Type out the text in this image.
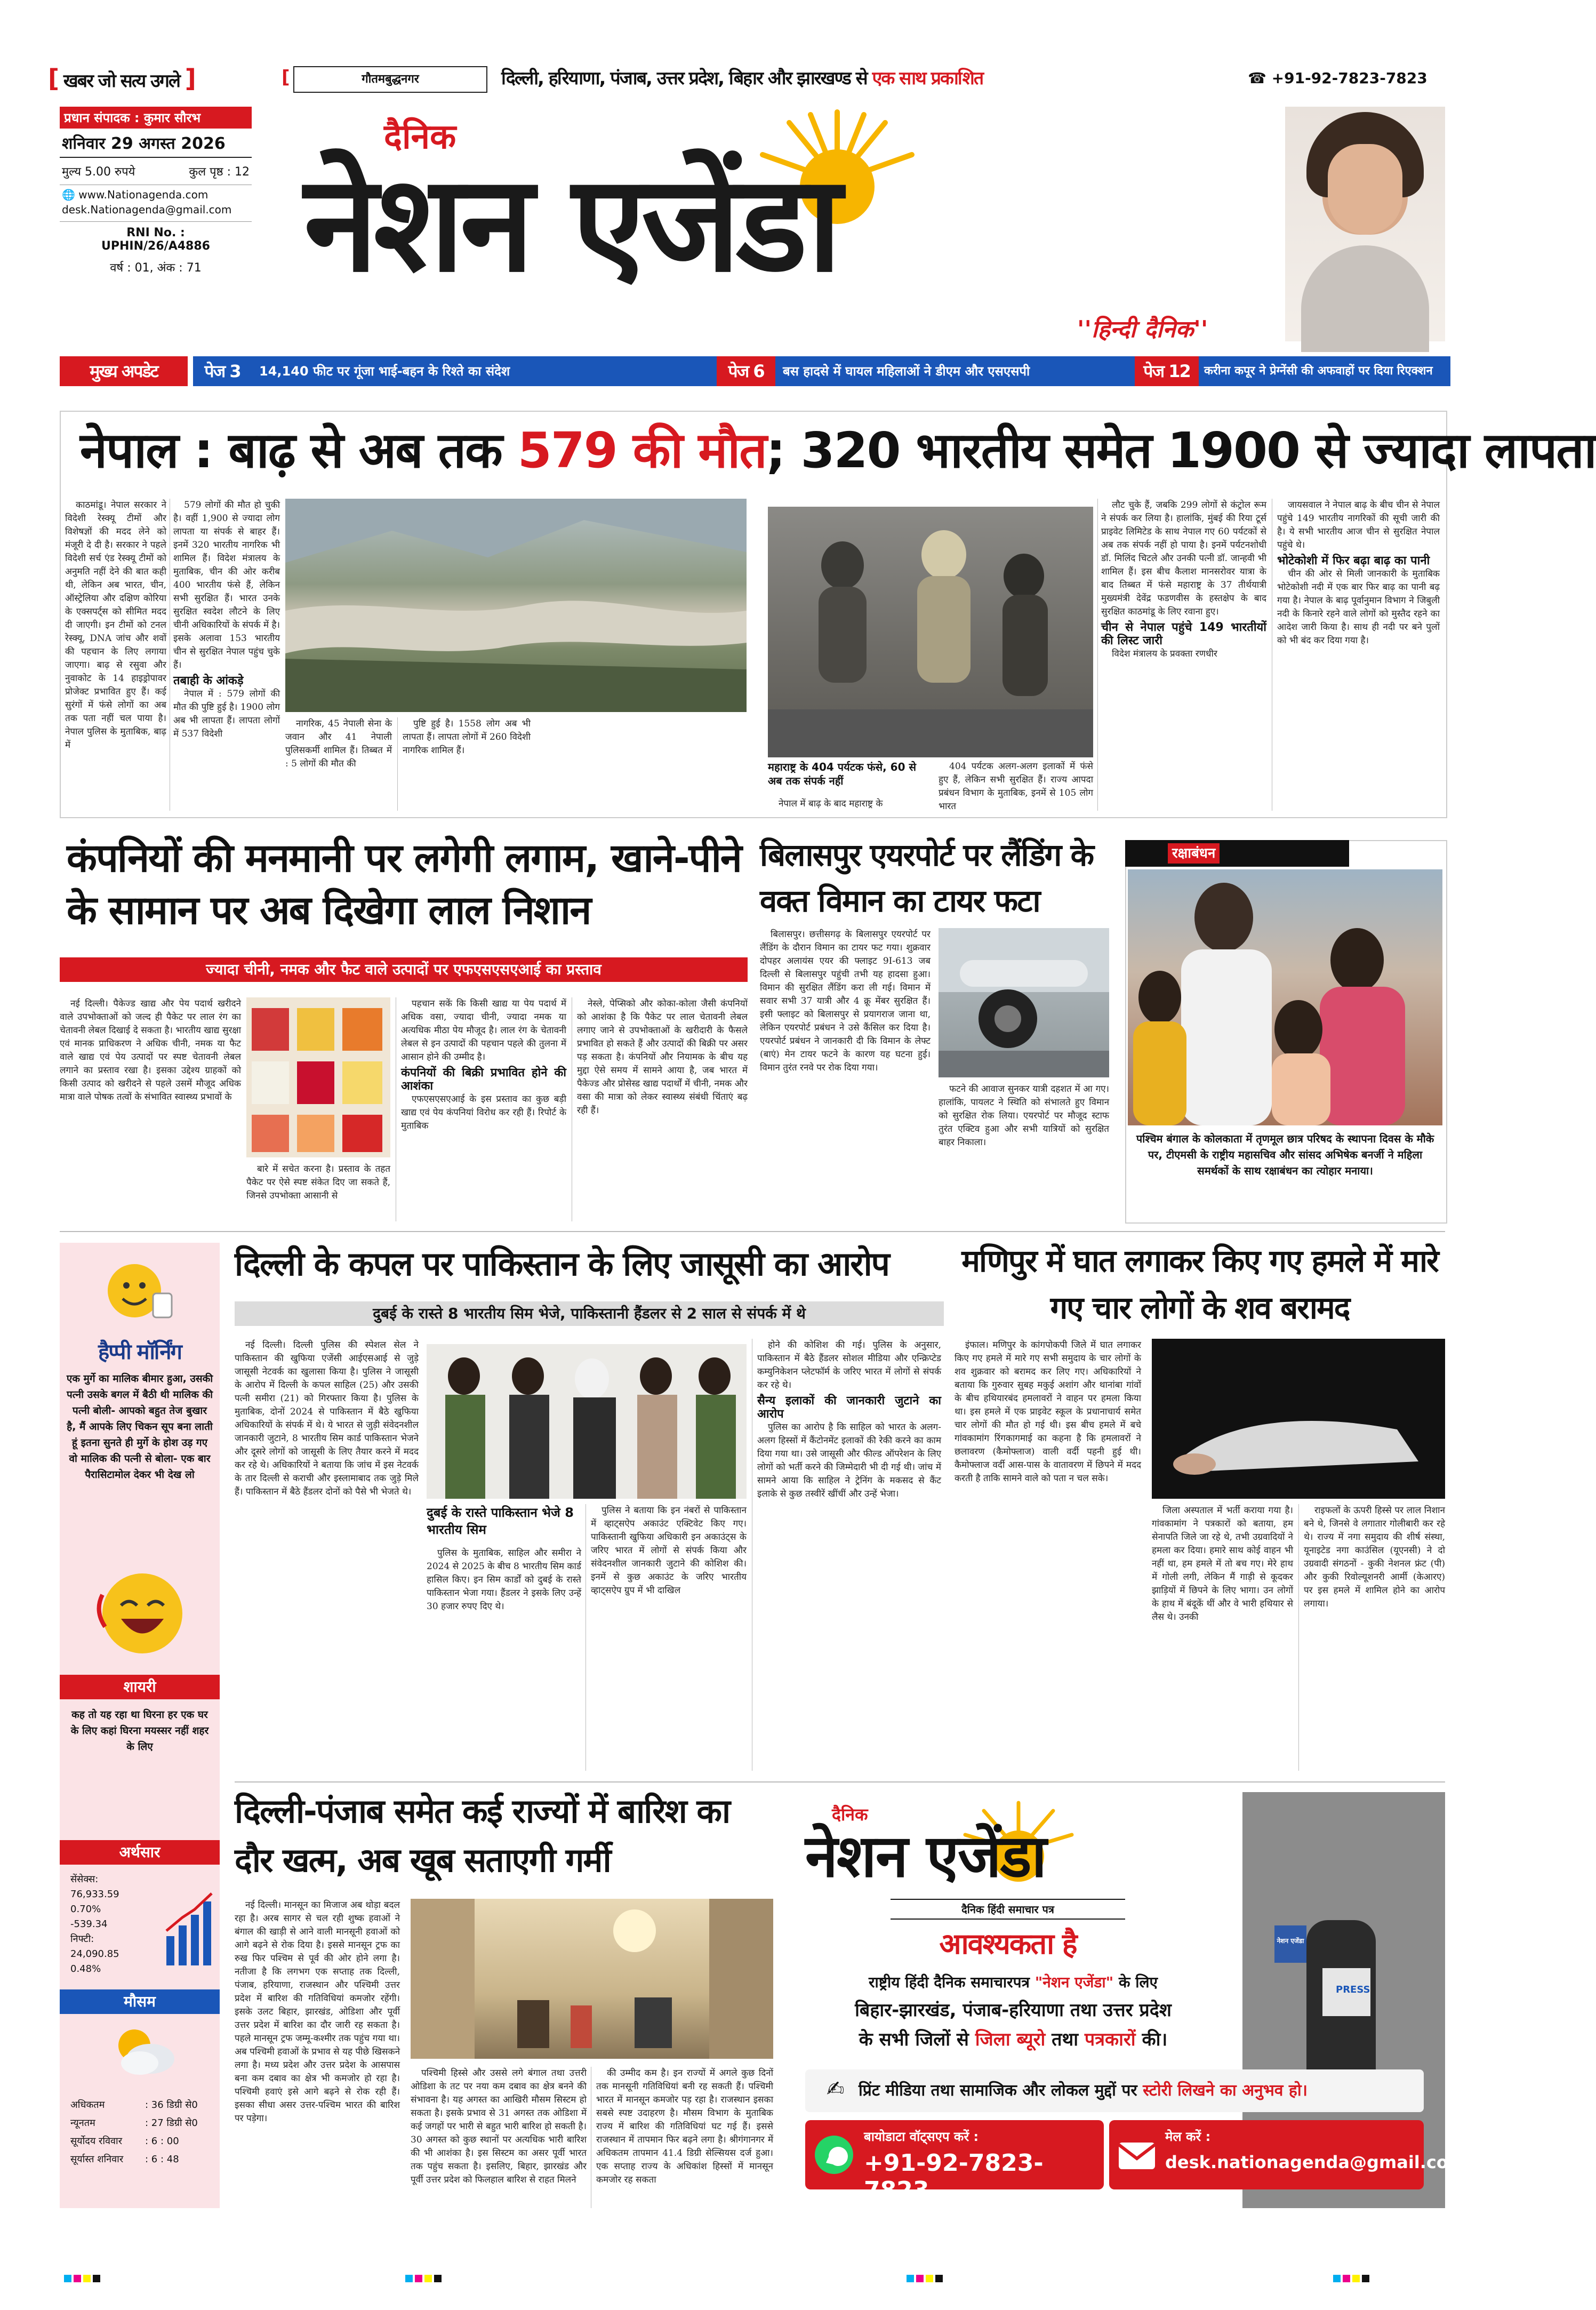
[ खबर जो सत्य उगले ]	[	गौतमबुद्धनगर	दिल्ली, हरियाणा, पंजाब, उत्तर प्रदेश, बिहार और झारखण्ड से एक साथ प्रकाशित	☎ +91-92-7823-7823
प्रधान संपादक : कुमार सौरभ
शनिवार 29 अगस्त 2026
मुल्य 5.00 रुपये	कुल पृष्ठ : 12
🌐 www.Nationagenda.com
desk.Nationagenda@gmail.com
RNI No. :
UPHIN/26/A4886
वर्ष : 01, अंक : 71
दैनिक
नेशन एजेंडा
''हिन्दी दैनिक''
मुख्य अपडेट	पेज 3	14,140 फीट पर गूंजा भाई-बहन के रिश्ते का संदेश	पेज 6	बस हादसे में घायल महिलाओं ने डीएम और एसएसपी	पेज 12	करीना कपूर ने प्रेग्नेंसी की अफवाहों पर दिया रिएक्शन
नेपाल : बाढ़ से अब तक 579 की मौत; 320 भारतीय समेत 1900 से ज्यादा लापता

काठमांडू। नेपाल सरकार ने विदेशी रेस्क्यू टीमों और विशेषज्ञों की मदद लेने को मंजूरी दे दी है। सरकार ने पहले विदेशी सर्च एंड रेस्क्यू टीमों को अनुमति नहीं देने की बात कही थी, लेकिन अब भारत, चीन, ऑस्ट्रेलिया और दक्षिण कोरिया के एक्सपर्ट्स को सीमित मदद दी जाएगी। इन टीमों को टनल रेस्क्यू, DNA जांच और शवों की पहचान के लिए लगाया जाएगा। बाढ़ से रसुवा और नुवाकोट के 14 हाइड्रोपावर प्रोजेक्ट प्रभावित हुए हैं। कई सुरंगों में फंसे लोगों का अब तक पता नहीं चल पाया है। नेपाल पुलिस के मुताबिक, बाढ़ में

579 लोगों की मौत हो चुकी है। वहीं 1,900 से ज्यादा लोग लापता या संपर्क से बाहर हैं। इनमें 320 भारतीय नागरिक भी शामिल हैं। विदेश मंत्रालय के मुताबिक, चीन की ओर करीब 400 भारतीय फंसे हैं, लेकिन सभी सुरक्षित हैं। भारत उनके सुरक्षित स्वदेश लौटने के लिए चीनी अधिकारियों के संपर्क में है। इसके अलावा 153 भारतीय चीन से सुरक्षित नेपाल पहुंच चुके हैं।

तबाही के आंकड़े

नेपाल में : 579 लोगों की मौत की पुष्टि हुई है। 1900 लोग अब भी लापता हैं। लापता लोगों में 537 विदेशी

नागरिक, 45 नेपाली सेना के जवान और 41 नेपाली पुलिसकर्मी शामिल हैं। तिब्बत में : 5 लोगों की मौत की

पुष्टि हुई है। 1558 लोग अब भी लापता हैं। लापता लोगों में 260 विदेशी नागरिक शामिल हैं।

महाराष्ट्र के 404 पर्यटक फंसे, 60 से अब तक संपर्क नहीं

404 पर्यटक अलग-अलग इलाकों में फंसे हुए हैं, लेकिन सभी सुरक्षित हैं। राज्य आपदा प्रबंधन विभाग के मुताबिक, इनमें से 105 लोग भारत

नेपाल में बाढ़ के बाद महाराष्ट्र के

लौट चुके हैं, जबकि 299 लोगों से कंट्रोल रूम ने संपर्क कर लिया है। हालांकि, मुंबई की रिया टूर्स प्राइवेट लिमिटेड के साथ नेपाल गए 60 पर्यटकों से अब तक संपर्क नहीं हो पाया है। इनमें पर्यटनशोधी डॉ. मिलिंद चिटले और उनकी पत्नी डॉ. जान्हवी भी शामिल हैं। इस बीच कैलाश मानसरोवर यात्रा के बाद तिब्बत में फंसे महाराष्ट्र के 37 तीर्थयात्री मुख्यमंत्री देवेंद्र फडणवीस के हस्तक्षेप के बाद सुरक्षित काठमांडू के लिए रवाना हुए।

चीन से नेपाल पहुंचे 149 भारतीयों की लिस्ट जारी

विदेश मंत्रालय के प्रवक्ता रणधीर

जायसवाल ने नेपाल बाढ़ के बीच चीन से नेपाल पहुंचे 149 भारतीय नागरिकों की सूची जारी की है। ये सभी भारतीय आज चीन से सुरक्षित नेपाल पहुंचे थे।

भोटेकोशी में फिर बढ़ा बाढ़ का पानी

चीन की ओर से मिली जानकारी के मुताबिक भोटेकोशी नदी में एक बार फिर बाढ़ का पानी बढ़ गया है। नेपाल के बाढ़ पूर्वानुमान विभाग ने जिबुली नदी के किनारे रहने वाले लोगों को मुस्तैद रहने का आदेश जारी किया है। साथ ही नदी पर बने पुलों को भी बंद कर दिया गया है।

कंपनियों की मनमानी पर लगेगी लगाम, खाने-पीने के सामान पर अब दिखेगा लाल निशान
ज्यादा चीनी, नमक और फैट वाले उत्पादों पर एफएसएसएआई का प्रस्ताव

नई दिल्ली। पैकेज्ड खाद्य और पेय पदार्थ खरीदने वाले उपभोक्ताओं को जल्द ही पैकेट पर लाल रंग का चेतावनी लेबल दिखाई दे सकता है। भारतीय खाद्य सुरक्षा एवं मानक प्राधिकरण ने अधिक चीनी, नमक या फैट वाले खाद्य एवं पेय उत्पादों पर स्पष्ट चेतावनी लेबल लगाने का प्रस्ताव रखा है। इसका उद्देश्य ग्राहकों को किसी उत्पाद को खरीदने से पहले उसमें मौजूद अधिक मात्रा वाले पोषक तत्वों के संभावित स्वास्थ्य प्रभावों के

बारे में सचेत करना है। प्रस्ताव के तहत पैकेट पर ऐसे स्पष्ट संकेत दिए जा सकते हैं, जिनसे उपभोक्ता आसानी से

पहचान सकें कि किसी खाद्य या पेय पदार्थ में अधिक वसा, ज्यादा चीनी, ज्यादा नमक या अत्यधिक मीठा पेय मौजूद है। लाल रंग के चेतावनी लेबल से इन उत्पादों की पहचान पहले की तुलना में आसान होने की उम्मीद है।

कंपनियों की बिक्री प्रभावित होने की आशंका

एफएसएसएआई के इस प्रस्ताव का कुछ बड़ी खाद्य एवं पेय कंपनियां विरोध कर रही हैं। रिपोर्ट के मुताबिक

नेस्ले, पेप्सिको और कोका-कोला जैसी कंपनियों को आशंका है कि पैकेट पर लाल चेतावनी लेबल लगाए जाने से उपभोक्ताओं के खरीदारी के फैसले प्रभावित हो सकते हैं और उत्पादों की बिक्री पर असर पड़ सकता है। कंपनियों और नियामक के बीच यह मुद्दा ऐसे समय में सामने आया है, जब भारत में पैकेज्ड और प्रोसेस्ड खाद्य पदार्थों में चीनी, नमक और वसा की मात्रा को लेकर स्वास्थ्य संबंधी चिंताएं बढ़ रही हैं।

बिलासपुर एयरपोर्ट पर लैंडिंग के वक्त विमान का टायर फटा

बिलासपुर। छत्तीसगढ़ के बिलासपुर एयरपोर्ट पर लैंडिंग के दौरान विमान का टायर फट गया। शुक्रवार दोपहर अलायंस एयर की फ्लाइट 9I-613 जब दिल्ली से बिलासपुर पहुंची तभी यह हादसा हुआ। विमान की सुरक्षित लैंडिंग करा ली गई। विमान में सवार सभी 37 यात्री और 4 क्रू मेंबर सुरक्षित हैं। इसी फ्लाइट को बिलासपुर से प्रयागराज जाना था, लेकिन एयरपोर्ट प्रबंधन ने उसे कैंसिल कर दिया है। एयरपोर्ट प्रबंधन ने जानकारी दी कि विमान के लेफ्ट (बाएं) मेन टायर फटने के कारण यह घटना हुई। विमान तुरंत रनवे पर रोक दिया गया।

फटने की आवाज सुनकर यात्री दहशत में आ गए। हालांकि, पायलट ने स्थिति को संभालते हुए विमान को सुरक्षित रोक लिया। एयरपोर्ट पर मौजूद स्टाफ तुरंत एक्टिव हुआ और सभी यात्रियों को सुरक्षित बाहर निकाला।

रक्षाबंधन
पश्चिम बंगाल के कोलकाता में तृणमूल छात्र परिषद के स्थापना दिवस के मौके पर, टीएमसी के राष्ट्रीय महासचिव और सांसद अभिषेक बनर्जी ने महिला समर्थकों के साथ रक्षाबंधन का त्योहार मनाया।
हैप्पी मॉर्निंग
एक मुर्गे का मालिक बीमार हुआ, उसकी पत्नी उसके बगल में बैठी थी मालिक की पत्नी बोली- आपको बहुत तेज बुखार है, मैं आपके लिए चिकन सूप बना लाती हूं इतना सुनते ही मुर्गे के होश उड़ गए वो मालिक की पत्नी से बोला- एक बार पैरासिटामोल देकर भी देख लो
शायरी
कह तो यह रहा था घिरना हर एक घर के लिए कहां घिरना मयस्सर नहीं शहर के लिए
अर्थसार
सेंसेक्स:
76,933.59
0.70%
-539.34
निफ्टी:
24,090.85
0.48%
मौसम
अधिकतम	: 36 डिग्री से0
न्यूनतम	: 27 डिग्री से0
सूर्योदय रविवार	: 6 : 00
सूर्यास्त शनिवार	: 6 : 48
दिल्ली के कपल पर पाकिस्तान के लिए जासूसी का आरोप
दुबई के रास्ते 8 भारतीय सिम भेजे, पाकिस्तानी हैंडलर से 2 साल से संपर्क में थे

नई दिल्ली। दिल्ली पुलिस की स्पेशल सेल ने पाकिस्तान की खुफिया एजेंसी आईएसआई से जुड़े जासूसी नेटवर्क का खुलासा किया है। पुलिस ने जासूसी के आरोप में दिल्ली के कपल साहिल (25) और उसकी पत्नी समीरा (21) को गिरफ्तार किया है। पुलिस के मुताबिक, दोनों 2024 से पाकिस्तान में बैठे खुफिया अधिकारियों के संपर्क में थे। ये भारत से जुड़ी संवेदनशील जानकारी जुटाने, 8 भारतीय सिम कार्ड पाकिस्तान भेजने और दूसरे लोगों को जासूसी के लिए तैयार करने में मदद कर रहे थे। अधिकारियों ने बताया कि जांच में इस नेटवर्क के तार दिल्ली से कराची और इस्लामाबाद तक जुड़े मिले हैं। पाकिस्तान में बैठे हैंडलर दोनों को पैसे भी भेजते थे।

दुबई के रास्ते पाकिस्तान भेजे 8 भारतीय सिम

पुलिस के मुताबिक, साहिल और समीरा ने 2024 से 2025 के बीच 8 भारतीय सिम कार्ड हासिल किए। इन सिम कार्डों को दुबई के रास्ते पाकिस्तान भेजा गया। हैंडलर ने इसके लिए उन्हें 30 हजार रुपए दिए थे।

पुलिस ने बताया कि इन नंबरों से पाकिस्तान में व्हाट्सऐप अकाउंट एक्टिवेट किए गए। पाकिस्तानी खुफिया अधिकारी इन अकाउंट्स के जरिए भारत में लोगों से संपर्क किया और संवेदनशील जानकारी जुटाने की कोशिश की। इनमें से कुछ अकाउंट के जरिए भारतीय व्हाट्सऐप ग्रुप में भी दाखिल

होने की कोशिश की गई। पुलिस के अनुसार, पाकिस्तान में बैठे हैंडलर सोशल मीडिया और एन्क्रिप्टेड कम्युनिकेशन प्लेटफॉर्म के जरिए भारत में लोगों से संपर्क कर रहे थे।

सैन्य इलाकों की जानकारी जुटाने का आरोप

पुलिस का आरोप है कि साहिल को भारत के अलग-अलग हिस्सों में कैंटोनमेंट इलाकों की रेकी करने का काम दिया गया था। उसे जासूसी और फील्ड ऑपरेशन के लिए लोगों को भर्ती करने की जिम्मेदारी भी दी गई थी। जांच में सामने आया कि साहिल ने ट्रेनिंग के मकसद से कैंट इलाके से कुछ तस्वीरें खींचीं और उन्हें भेजा।

मणिपुर में घात लगाकर किए गए हमले में मारे गए चार लोगों के शव बरामद

इंफाल। मणिपुर के कांगपोकपी जिले में घात लगाकर किए गए हमले में मारे गए सभी समुदाय के चार लोगों के शव शुक्रवार को बरामद कर लिए गए। अधिकारियों ने बताया कि गुरुवार सुबह मकुई अशांग और थानांबा गांवों के बीच हथियारबंद हमलावरों ने वाहन पर हमला किया था। इस हमले में एक प्राइवेट स्कूल के प्रधानाचार्य समेत चार लोगों की मौत हो गई थी। इस बीच हमले में बचे गांवकामांग रिंगकागमाई का कहना है कि हमलावरों ने छलावरण (कैमोफ्लाज) वाली वर्दी पहनी हुई थी। कैमोफ्लाज वर्दी आस-पास के वातावरण में छिपने में मदद करती है ताकि सामने वाले को पता न चल सके।

जिला अस्पताल में भर्ती कराया गया है। गांवकामांग ने पत्रकारों को बताया, हम सेनापति जिले जा रहे थे, तभी उग्रवादियों ने हमला कर दिया। हमारे साथ कोई वाहन भी नहीं था, हम हमले में तो बच गए। मेरे हाथ में गोली लगी, लेकिन मैं गाड़ी से कूदकर झाड़ियों में छिपने के लिए भागा। उन लोगों के हाथ में बंदूकें थीं और वे भारी हथियार से लैस थे। उनकी

राइफलों के ऊपरी हिस्से पर लाल निशान बने थे, जिनसे वे लगातार गोलीबारी कर रहे थे। राज्य में नगा समुदाय की शीर्ष संस्था, यूनाइटेड नगा काउंसिल (यूएनसी) ने दो उग्रवादी संगठनों - कुकी नेशनल फ्रंट (पी) और कुकी रिवोल्यूशनरी आर्मी (केआरए) पर इस हमले में शामिल होने का आरोप लगाया।

दिल्ली-पंजाब समेत कई राज्यों में बारिश का दौर खत्म, अब खूब सताएगी गर्मी

नई दिल्ली। मानसून का मिजाज अब थोड़ा बदल रहा है। अरब सागर से चल रही शुष्क हवाओं ने बंगाल की खाड़ी से आने वाली मानसूनी हवाओं को आगे बढ़ने से रोक दिया है। इससे मानसून ट्रफ का रुख फिर पश्चिम से पूर्व की ओर होने लगा है। नतीजा है कि लगभग एक सप्ताह तक दिल्ली, पंजाब, हरियाणा, राजस्थान और पश्चिमी उत्तर प्रदेश में बारिश की गतिविधियां कमजोर रहेंगी। इसके उलट बिहार, झारखंड, ओडिशा और पूर्वी उत्तर प्रदेश में बारिश का दौर जारी रह सकता है। पहले मानसून ट्रफ जम्मू-कश्मीर तक पहुंच गया था। अब पश्चिमी हवाओं के प्रभाव से यह पीछे खिसकने लगा है। मध्य प्रदेश और उत्तर प्रदेश के आसपास बना कम दबाव का क्षेत्र भी कमजोर हो रहा है। पश्चिमी हवाएं इसे आगे बढ़ने से रोक रही हैं। इसका सीधा असर उत्तर-पश्चिम भारत की बारिश पर पड़ेगा।

पश्चिमी हिस्से और उससे लगे बंगाल तथा उत्तरी ओडिशा के तट पर नया कम दबाव का क्षेत्र बनने की संभावना है। यह अगस्त का आखिरी मौसम सिस्टम हो सकता है। इसके प्रभाव से 31 अगस्त तक ओडिशा में कई जगहों पर भारी से बहुत भारी बारिश हो सकती है। 30 अगस्त को कुछ स्थानों पर अत्यधिक भारी बारिश की भी आशंका है। इस सिस्टम का असर पूर्वी भारत तक पहुंच सकता है। इसलिए, बिहार, झारखंड और पूर्वी उत्तर प्रदेश को फिलहाल बारिश से राहत मिलने

की उम्मीद कम है। इन राज्यों में अगले कुछ दिनों तक मानसूनी गतिविधियां बनी रह सकती हैं। पश्चिमी भारत में मानसून कमजोर पड़ रहा है। राजस्थान इसका सबसे स्पष्ट उदाहरण है। मौसम विभाग के मुताबिक राज्य में बारिश की गतिविधियां घट गई हैं। इससे राजस्थान में तापमान फिर बढ़ने लगा है। श्रीगंगानगर में अधिकतम तापमान 41.4 डिग्री सेल्सियस दर्ज हुआ। एक सप्ताह राज्य के अधिकांश हिस्सों में मानसून कमजोर रह सकता

PRESS
नेशन एजेंडा
दैनिक
नेशन एजेंडा
दैनिक हिंदी समाचार पत्र
आवश्यकता है
राष्ट्रीय हिंदी दैनिक समाचारपत्र "नेशन एजेंडा" के लिए
बिहार-झारखंड, पंजाब-हरियाणा तथा उत्तर प्रदेश
के सभी जिलों से जिला ब्यूरो तथा पत्रकारों की।
✍ प्रिंट मीडिया तथा सामाजिक और लोकल मुद्दों पर स्टोरी लिखने का अनुभव हो।
बायोडाटा वॉट्सएप करें :
+91-92-7823-7823
मेल करें :
desk.nationagenda@gmail.com
